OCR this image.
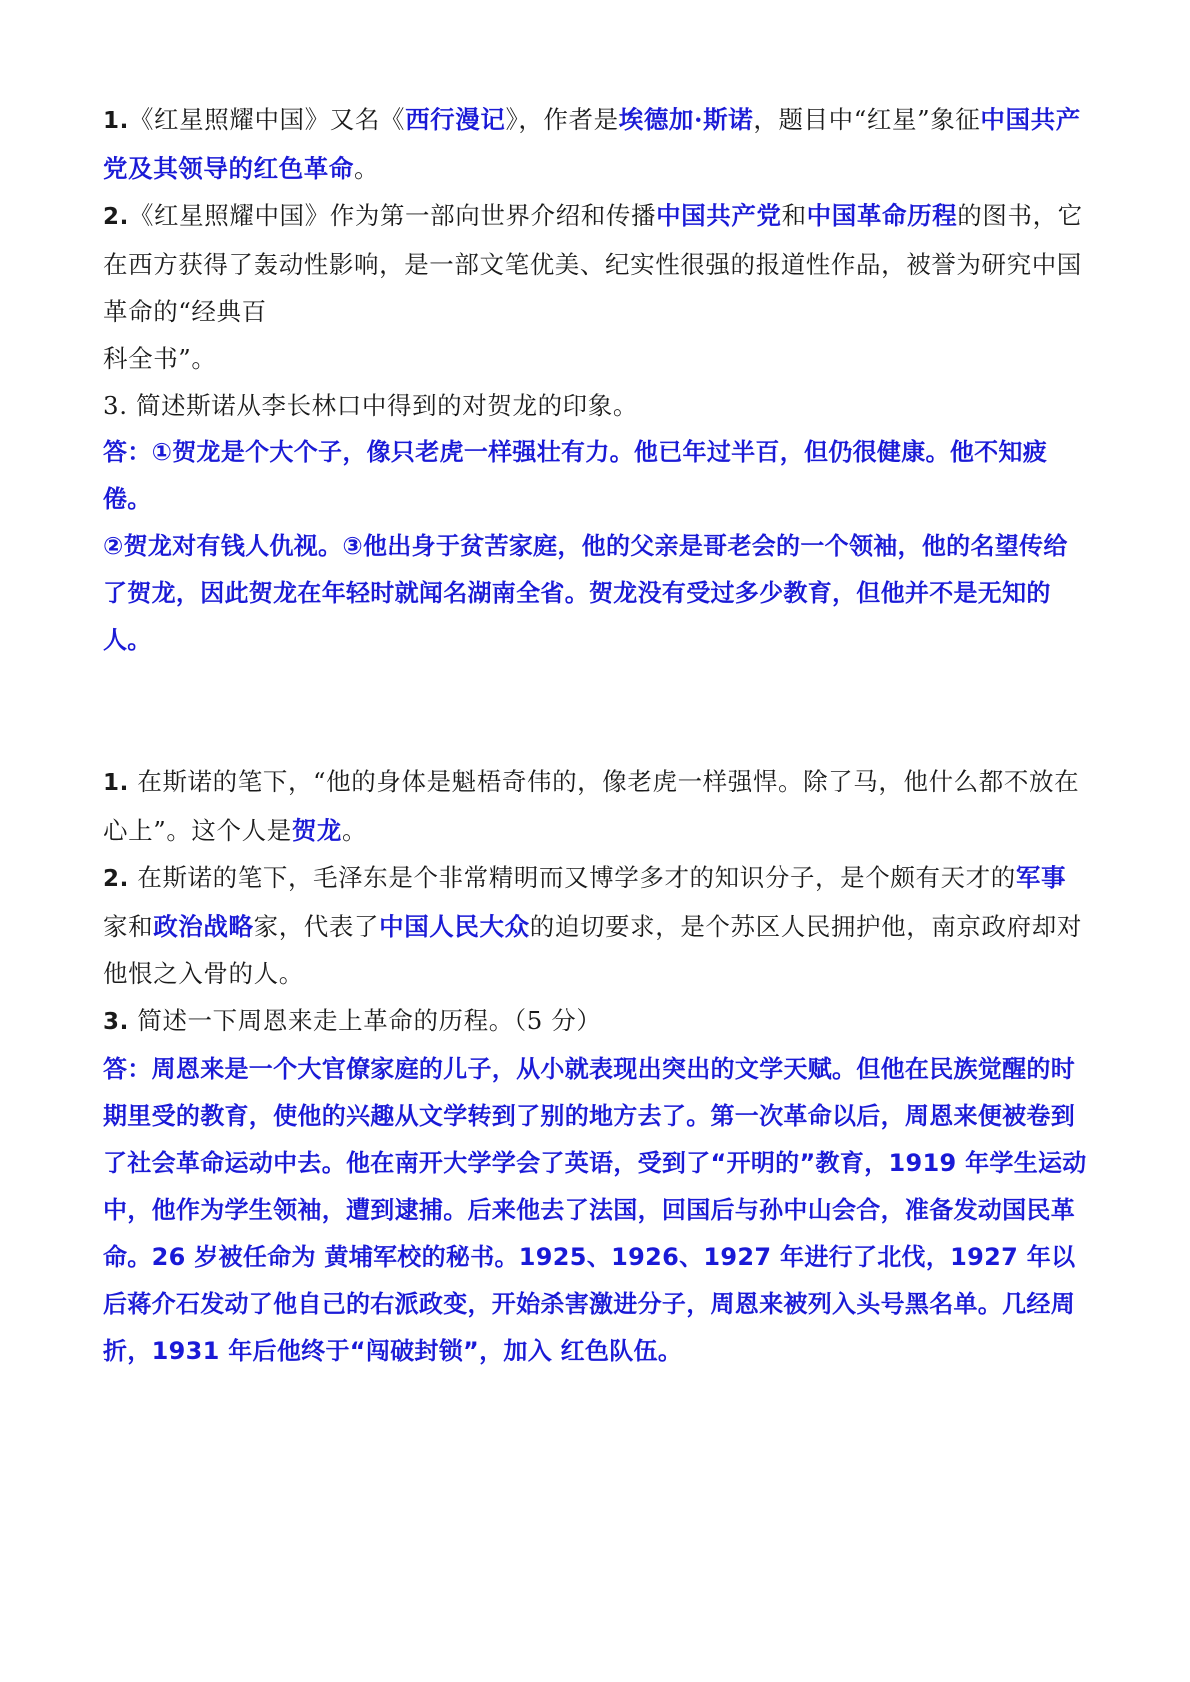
1.《红星照耀中国》又名《西行漫记》，作者是埃德加·斯诺，题目中“红星”象征中国共产党及其领导的红色革命。

2.《红星照耀中国》作为第一部向世界介绍和传播中国共产党和中国革命历程的图书，它在西方获得了轰动性影响，是一部文笔优美、纪实性很强的报道性作品，被誉为研究中国革命的“经典百
科全书”。

3. 简述斯诺从李长林口中得到的对贺龙的印象。

答：①贺龙是个大个子，像只老虎一样强壮有力。他已年过半百，但仍很健康。他不知疲倦。

②贺龙对有钱人仇视。③他出身于贫苦家庭，他的父亲是哥老会的一个领袖，他的名望传给了贺龙，因此贺龙在年轻时就闻名湖南全省。贺龙没有受过多少教育，但他并不是无知的人。

1. 在斯诺的笔下，“他的身体是魁梧奇伟的，像老虎一样强悍。除了马，他什么都不放在心上”。这个人是贺龙。

2. 在斯诺的笔下，毛泽东是个非常精明而又博学多才的知识分子，是个颇有天才的军事家和政治战略家，代表了中国人民大众的迫切要求，是个苏区人民拥护他，南京政府却对他恨之入骨的人。

3. 简述一下周恩来走上革命的历程。（5 分）

答：周恩来是一个大官僚家庭的儿子，从小就表现出突出的文学天赋。但他在民族觉醒的时期里受的教育，使他的兴趣从文学转到了别的地方去了。第一次革命以后，周恩来便被卷到了社会革命运动中去。他在南开大学学会了英语，受到了“开明的”教育，1919 年学生运动中，他作为学生领袖，遭到逮捕。后来他去了法国，回国后与孙中山会合，准备发动国民革命。26 岁被任命为 黄埔军校的秘书。1925、1926、1927 年进行了北伐，1927 年以后蒋介石发动了他自己的右派政变，开始杀害激进分子，周恩来被列入头号黑名单。几经周折，1931 年后他终于“闯破封锁”，加入 红色队伍。
